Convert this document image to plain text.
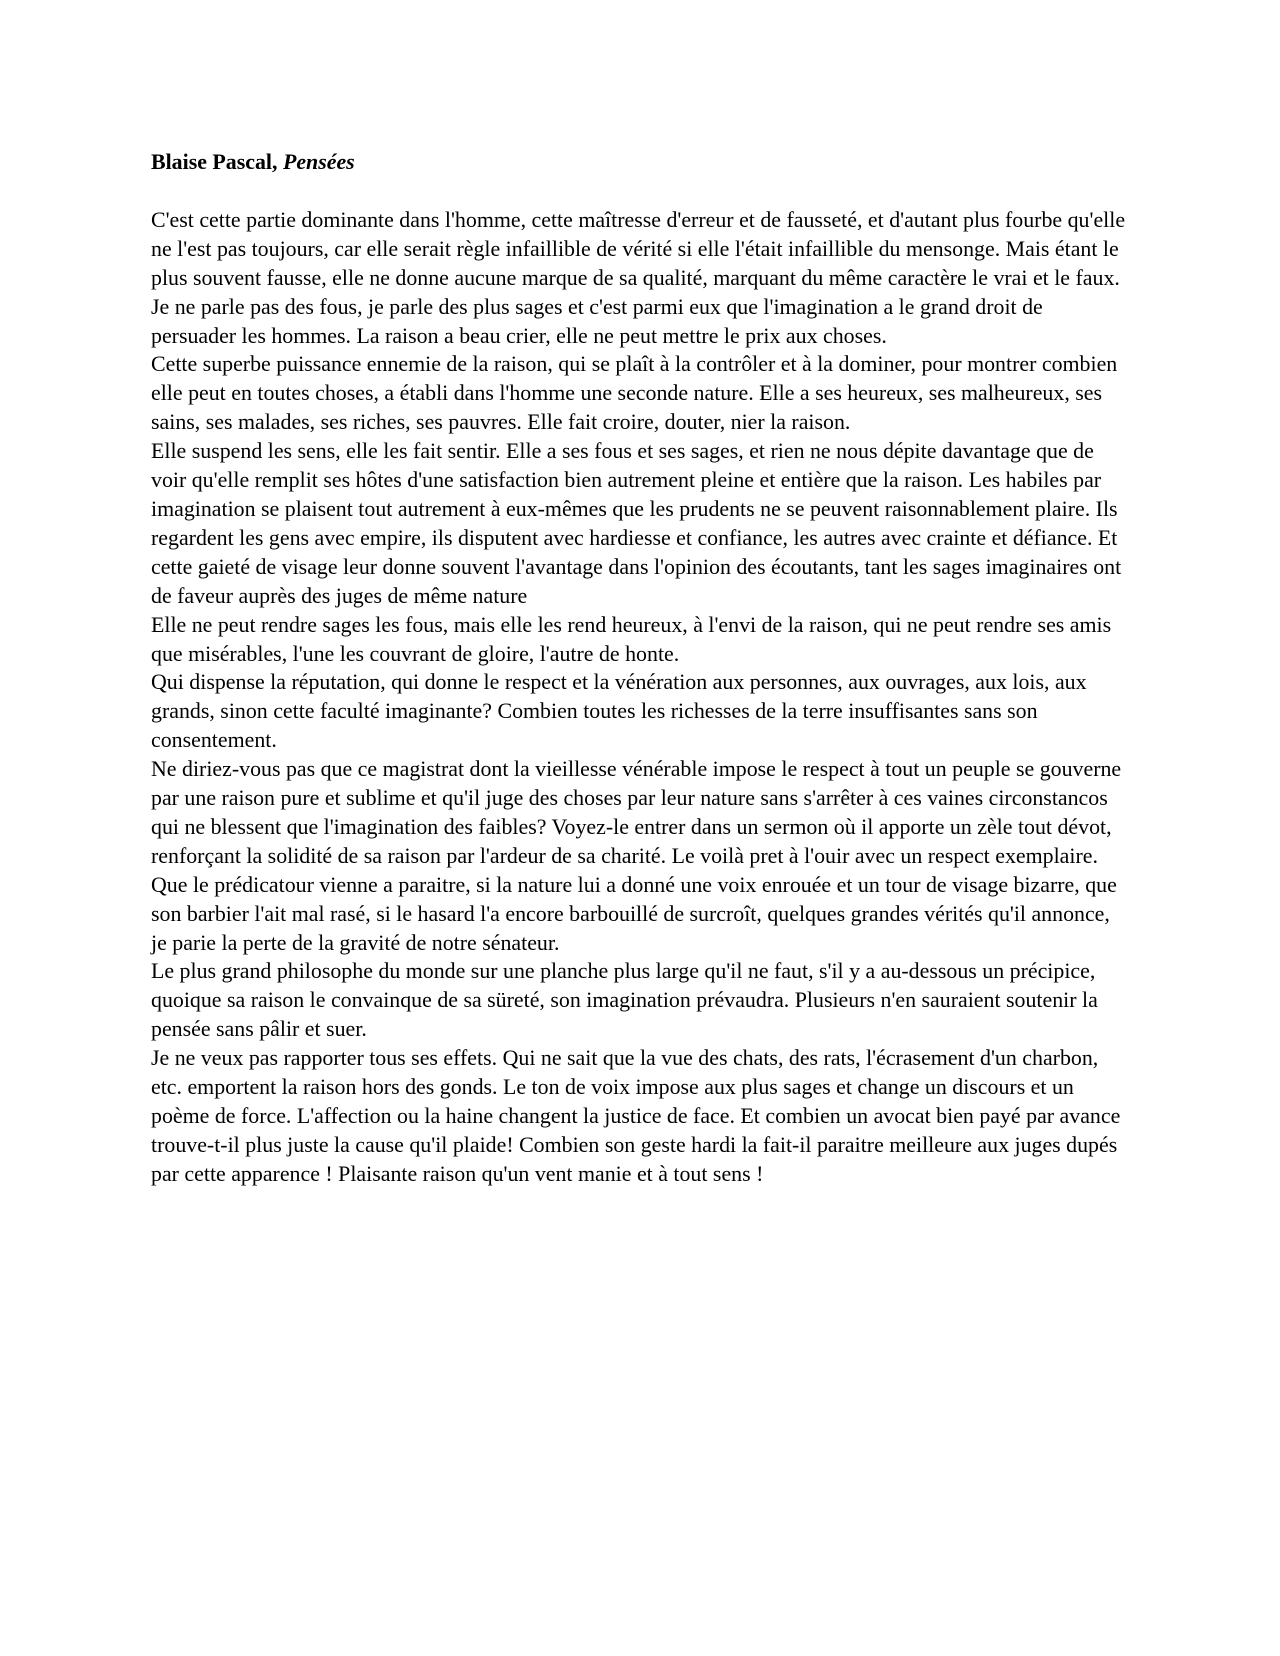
Blaise Pascal, Pensées

C'est cette partie dominante dans l'homme, cette maîtresse d'erreur et de fausseté, et d'autant plus fourbe qu'elle ne l'est pas toujours, car elle serait règle infaillible de vérité si elle l'était infaillible du mensonge. Mais étant le plus souvent fausse, elle ne donne aucune marque de sa qualité, marquant du même caractère le vrai et le faux. Je ne parle pas des fous, je parle des plus sages et c'est parmi eux que l'imagination a le grand droit de persuader les hommes. La raison a beau crier, elle ne peut mettre le prix aux choses.

Cette superbe puissance ennemie de la raison, qui se plaît à la contrôler et à la dominer, pour montrer combien elle peut en toutes choses, a établi dans l'homme une seconde nature. Elle a ses heureux, ses malheureux, ses sains, ses malades, ses riches, ses pauvres. Elle fait croire, douter, nier la raison.

Elle suspend les sens, elle les fait sentir. Elle a ses fous et ses sages, et rien ne nous dépite davantage que de voir qu'elle remplit ses hôtes d'une satisfaction bien autrement pleine et entière que la raison. Les habiles par imagination se plaisent tout autrement à eux-mêmes que les prudents ne se peuvent raisonnablement plaire. Ils regardent les gens avec empire, ils disputent avec hardiesse et confiance, les autres avec crainte et défiance. Et cette gaieté de visage leur donne souvent l'avantage dans l'opinion des écoutants, tant les sages imaginaires ont de faveur auprès des juges de même nature

Elle ne peut rendre sages les fous, mais elle les rend heureux, à l'envi de la raison, qui ne peut rendre ses amis que misérables, l'une les couvrant de gloire, l'autre de honte.

Qui dispense la réputation, qui donne le respect et la vénération aux personnes, aux ouvrages, aux lois, aux grands, sinon cette faculté imaginante? Combien toutes les richesses de la terre insuffisantes sans son consentement.

Ne diriez-vous pas que ce magistrat dont la vieillesse vénérable impose le respect à tout un peuple se gouverne par une raison pure et sublime et qu'il juge des choses par leur nature sans s'arrêter à ces vaines circonstancos qui ne blessent que l'imagination des faibles? Voyez-le entrer dans un sermon où il apporte un zèle tout dévot, renforçant la solidité de sa raison par l'ardeur de sa charité. Le voilà pret à l'ouir avec un respect exemplaire. Que le prédicatour vienne a paraitre, si la nature lui a donné une voix enrouée et un tour de visage bizarre, que son barbier l'ait mal rasé, si le hasard l'a encore barbouillé de surcroît, quelques grandes vérités qu'il annonce, je parie la perte de la gravité de notre sénateur.

Le plus grand philosophe du monde sur une planche plus large qu'il ne faut, s'il y a au-dessous un précipice, quoique sa raison le convainque de sa süreté, son imagination prévaudra. Plusieurs n'en sauraient soutenir la pensée sans pâlir et suer.

Je ne veux pas rapporter tous ses effets. Qui ne sait que la vue des chats, des rats, l'écrasement d'un charbon, etc. emportent la raison hors des gonds. Le ton de voix impose aux plus sages et change un discours et un poème de force. L'affection ou la haine changent la justice de face. Et combien un avocat bien payé par avance trouve-t-il plus juste la cause qu'il plaide! Combien son geste hardi la fait-il paraitre meilleure aux juges dupés par cette apparence ! Plaisante raison qu'un vent manie et à tout sens !
